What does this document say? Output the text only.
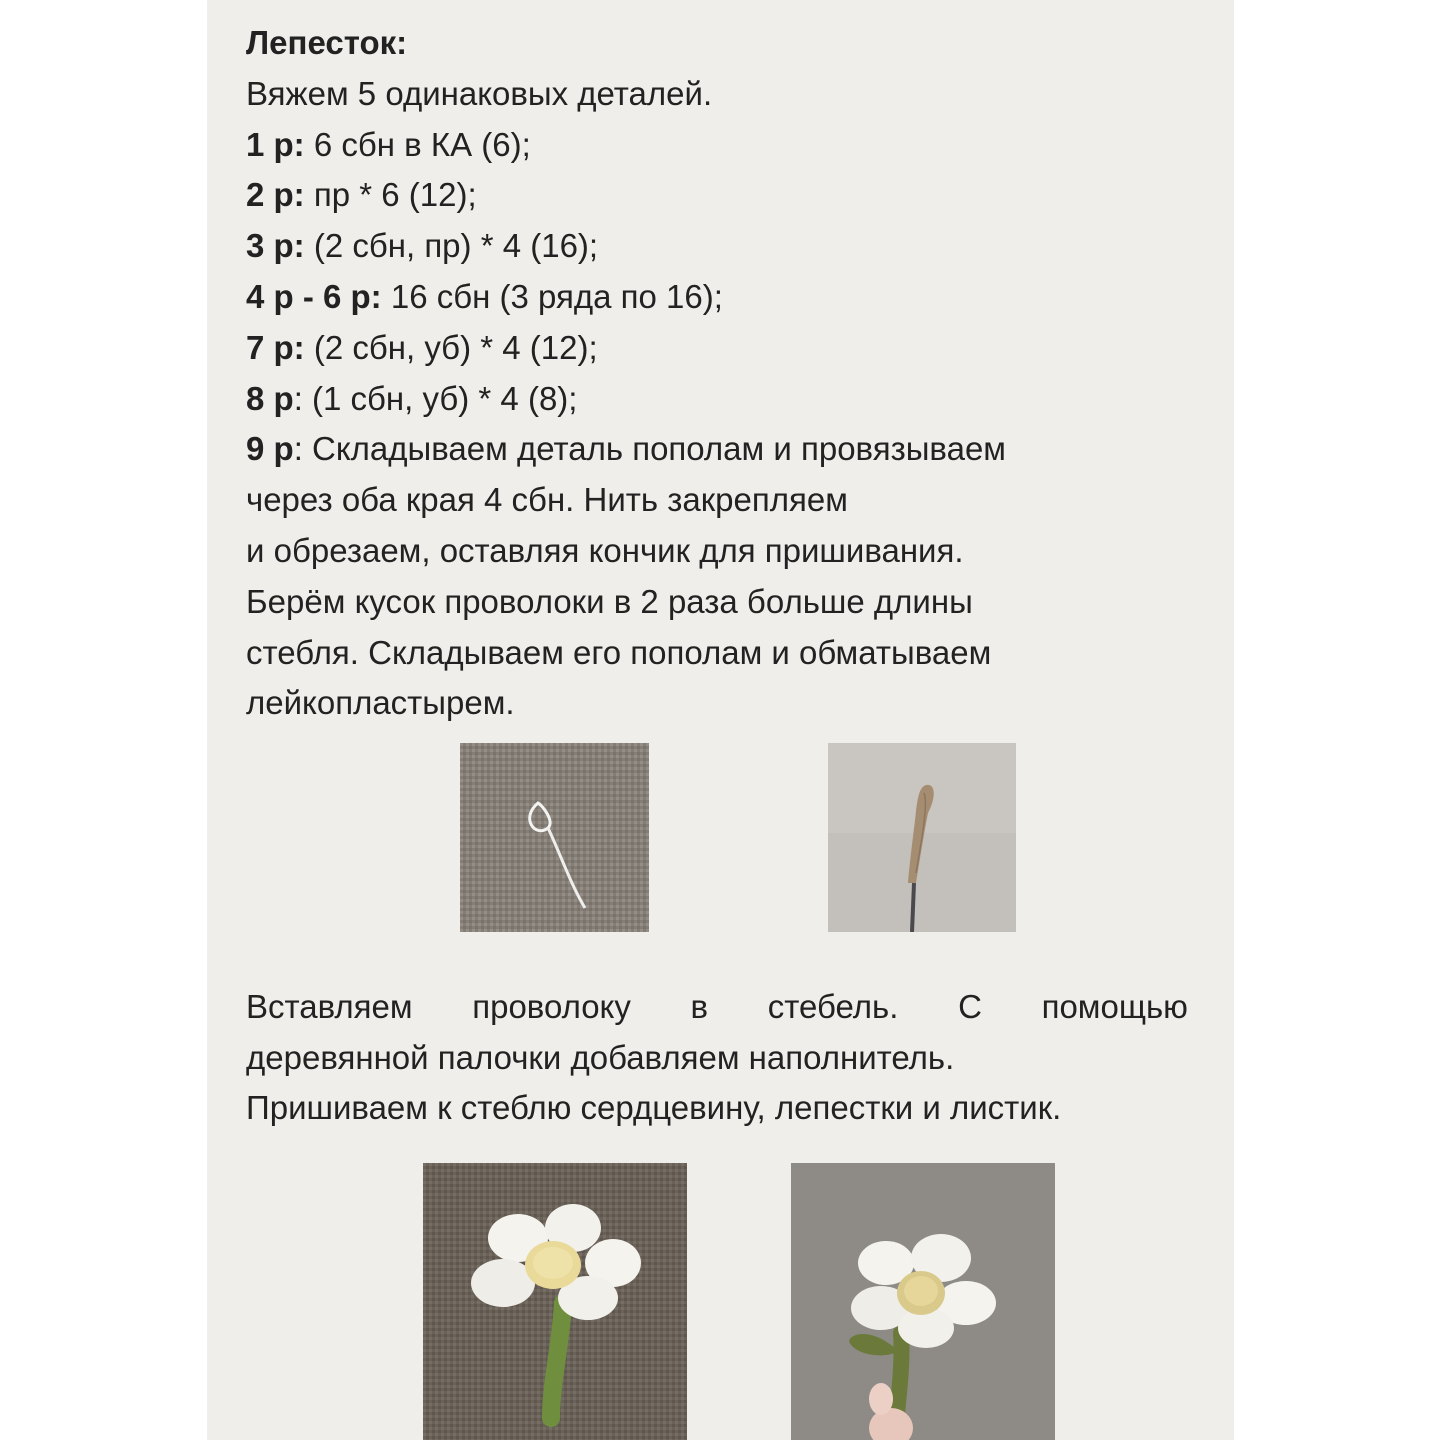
Лепесток:
Вяжем 5 одинаковых деталей.
1 р: 6 сбн в КА (6);
2 р: пр * 6 (12);
3 р: (2 сбн, пр) * 4 (16);
4 р - 6 р: 16 сбн (3 ряда по 16);
7 р: (2 сбн, уб) * 4 (12);
8 р: (1 сбн, уб) * 4 (8);
9 р: Складываем деталь пополам и провязываем
через оба края 4 сбн. Нить закрепляем
и обрезаем, оставляя кончик для пришивания.
Берём кусок проволоки в 2 раза больше длины
стебля. Складываем его пополам и обматываем
лейкопластырем.
Вставляем проволоку в стебель. С помощью
деревянной палочки добавляем наполнитель.
Пришиваем к стеблю сердцевину, лепестки и листик.
